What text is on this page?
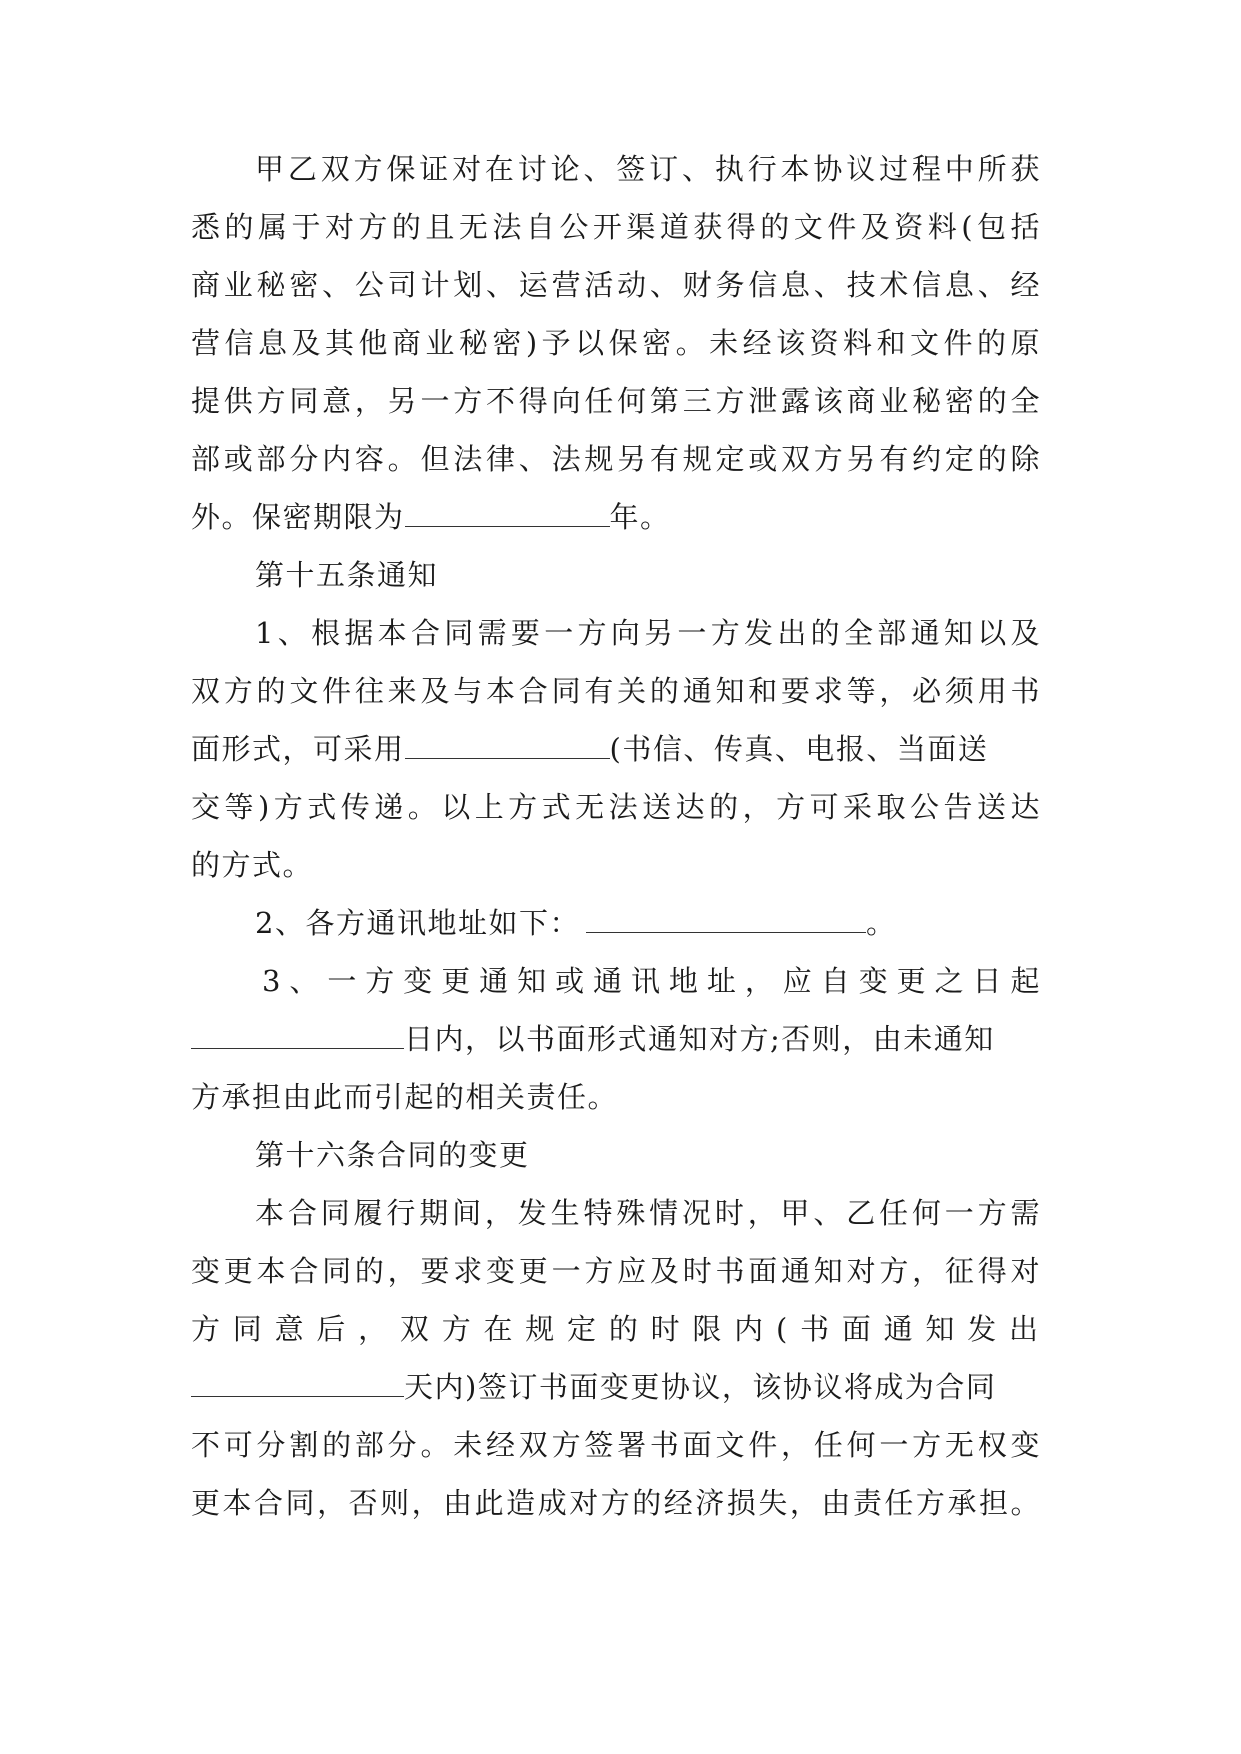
甲乙双方保证对在讨论、签订、执行本协议过程中所获
悉的属于对方的且无法自公开渠道获得的文件及资料(包括
商业秘密、公司计划、运营活动、财务信息、技术信息、经
营信息及其他商业秘密)予以保密。未经该资料和文件的原
提供方同意，另一方不得向任何第三方泄露该商业秘密的全
部或部分内容。但法律、法规另有规定或双方另有约定的除
外。保密期限为	年。
第十五条通知
1、根据本合同需要一方向另一方发出的全部通知以及
双方的文件往来及与本合同有关的通知和要求等，必须用书
面形式，可采用	(书信、传真、电报、当面送
交等)方式传递。以上方式无法送达的，方可采取公告送达
的方式。
2、各方通讯地址如下：	。
3、一方变更通知或通讯地址，应自变更之日起
日内，以书面形式通知对方;否则，由未通知
方承担由此而引起的相关责任。
第十六条合同的变更
本合同履行期间，发生特殊情况时，甲、乙任何一方需
变更本合同的，要求变更一方应及时书面通知对方，征得对
方同意后，双方在规定的时限内(书面通知发出
天内)签订书面变更协议，该协议将成为合同
不可分割的部分。未经双方签署书面文件，任何一方无权变
更本合同，否则，由此造成对方的经济损失，由责任方承担。
